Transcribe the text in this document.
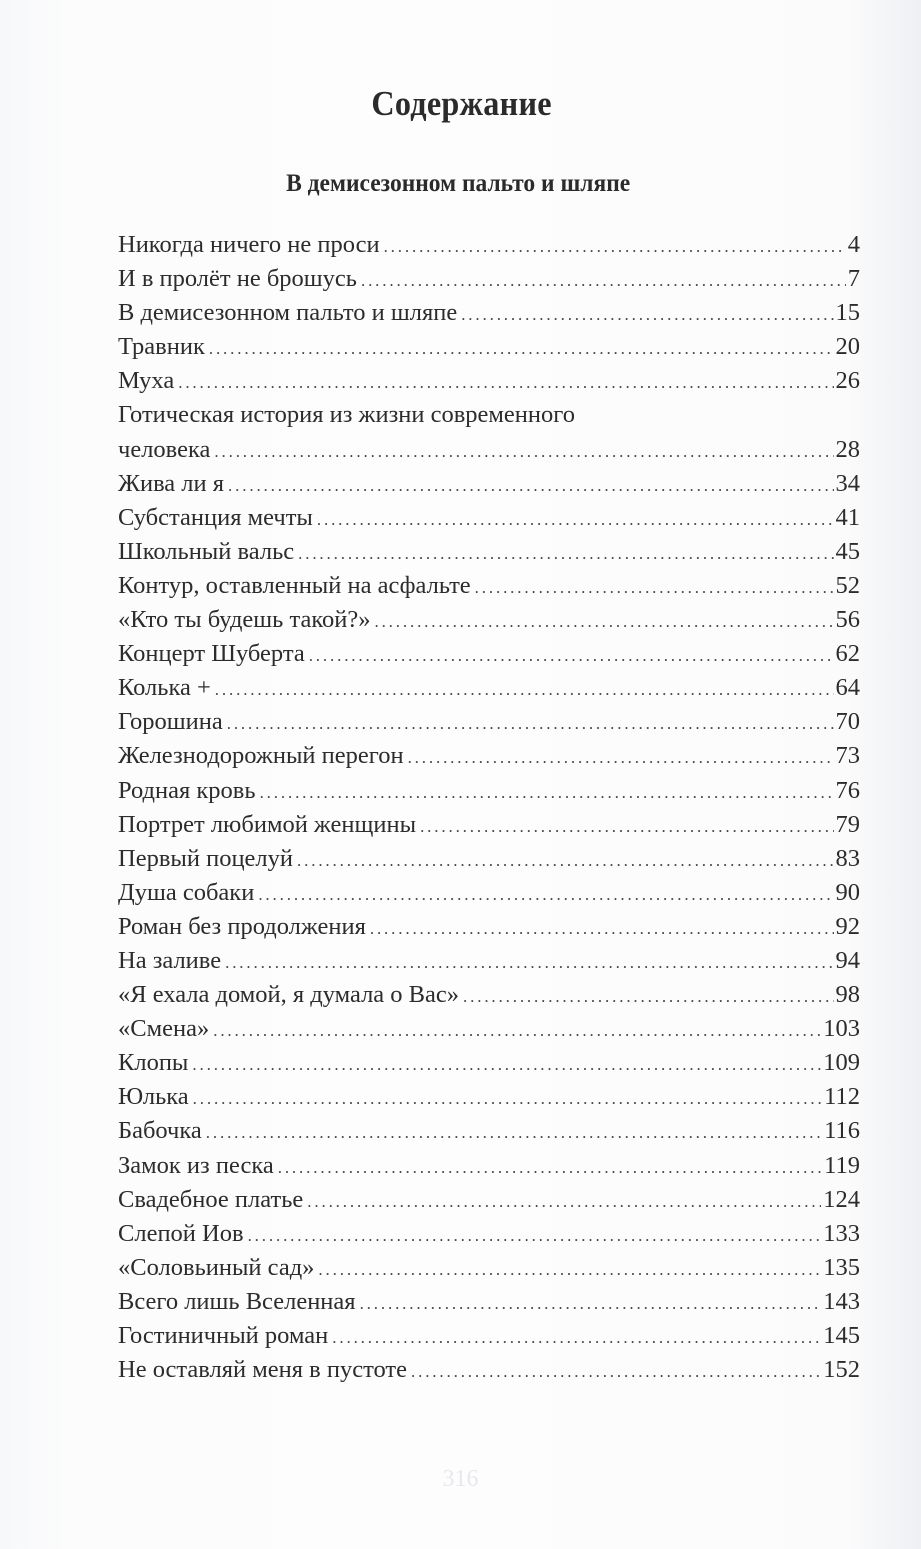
Содержание
В демисезонном пальто и шляпе
Никогда ничего не проси . . .	4
И в пролёт не брошусь . . .	7
В демисезонном пальто и шляпе . . .	15
Травник . . .	20
Муха . . .	26
Готическая история из жизни современного
человека . . .	28
Жива ли я . . .	34
Субстанция мечты . . .	41
Школьный вальс . . .	45
Контур, оставленный на асфальте . . .	52
«Кто ты будешь такой?» . . .	56
Концерт Шуберта . . .	62
Колька + . . .	64
Горошина . . .	70
Железнодорожный перегон . . .	73
Родная кровь . . .	76
Портрет любимой женщины . . .	79
Первый поцелуй . . .	83
Душа собаки . . .	90
Роман без продолжения . . .	92
На заливе . . .	94
«Я ехала домой, я думала о Вас» . . .	98
«Смена» . . .	103
Клопы . . .	109
Юлька . . .	112
Бабочка . . .	116
Замок из песка . . .	119
Свадебное платье . . .	124
Слепой Иов . . .	133
«Соловьиный сад» . . .	135
Всего лишь Вселенная . . .	143
Гостиничный роман . . .	145
Не оставляй меня в пустоте . . .	152
316
